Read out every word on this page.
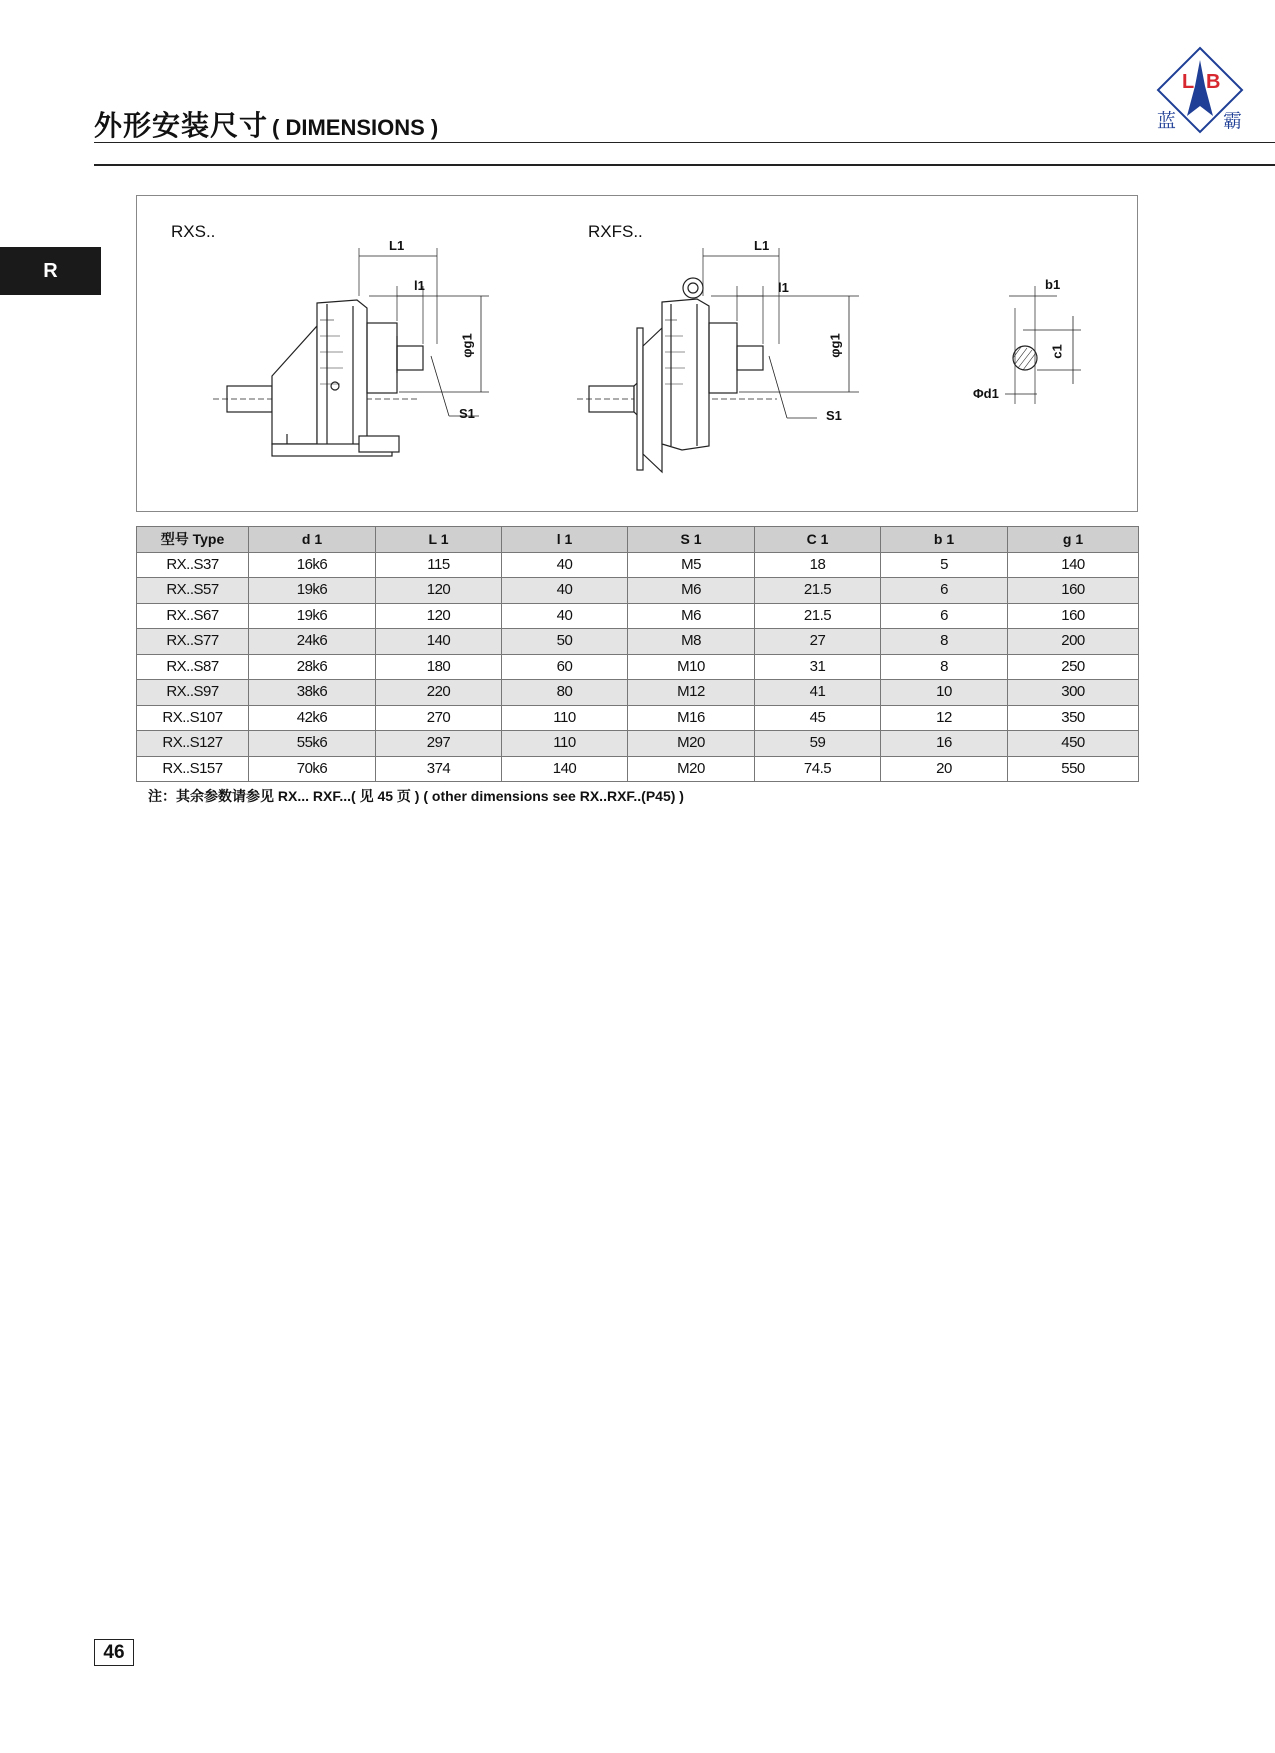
外形安装尺寸 ( DIMENSIONS )
L B
蓝 霸
R
RXS..	RXFS..
L1
l1
φg1
S1
L1
l1
φg1
S1
b1
c1
Φd1
型号 Type	d 1	L 1	l 1	S 1	C 1	b 1	g 1
RX..S37	16k6	115	40	M5	18	5	140
RX..S57	19k6	120	40	M6	21.5	6	160
RX..S67	19k6	120	40	M6	21.5	6	160
RX..S77	24k6	140	50	M8	27	8	200
RX..S87	28k6	180	60	M10	31	8	250
RX..S97	38k6	220	80	M12	41	10	300
RX..S107	42k6	270	110	M16	45	12	350
RX..S127	55k6	297	110	M20	59	16	450
RX..S157	70k6	374	140	M20	74.5	20	550
注：其余参数请参见 RX... RXF...( 见 45 页 ) ( other dimensions see RX..RXF..(P45) )
46
